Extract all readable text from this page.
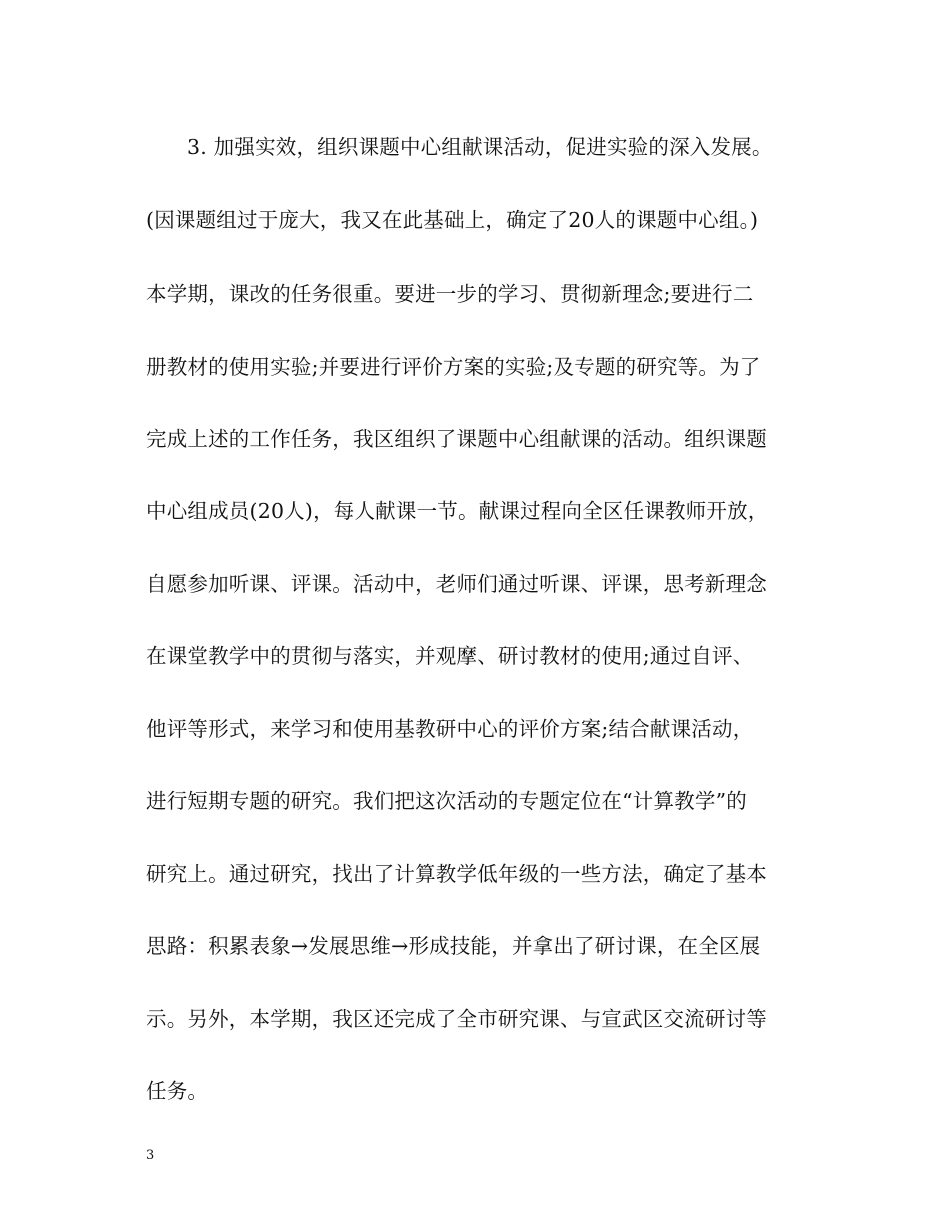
3. 加强实效，组织课题中心组献课活动，促进实验的深入发展。
(因课题组过于庞大，我又在此基础上，确定了20人的课题中心组。)
本学期，课改的任务很重。要进一步的学习、贯彻新理念;要进行二
册教材的使用实验;并要进行评价方案的实验;及专题的研究等。为了
完成上述的工作任务，我区组织了课题中心组献课的活动。组织课题
中心组成员(20人)，每人献课一节。献课过程向全区任课教师开放，
自愿参加听课、评课。活动中，老师们通过听课、评课，思考新理念
在课堂教学中的贯彻与落实，并观摩、研讨教材的使用;通过自评、
他评等形式，来学习和使用基教研中心的评价方案;结合献课活动，
进行短期专题的研究。我们把这次活动的专题定位在“计算教学”的
研究上。通过研究，找出了计算教学低年级的一些方法，确定了基本
思路：积累表象→发展思维→形成技能，并拿出了研讨课，在全区展
示。另外，本学期，我区还完成了全市研究课、与宣武区交流研讨等
任务。
3
